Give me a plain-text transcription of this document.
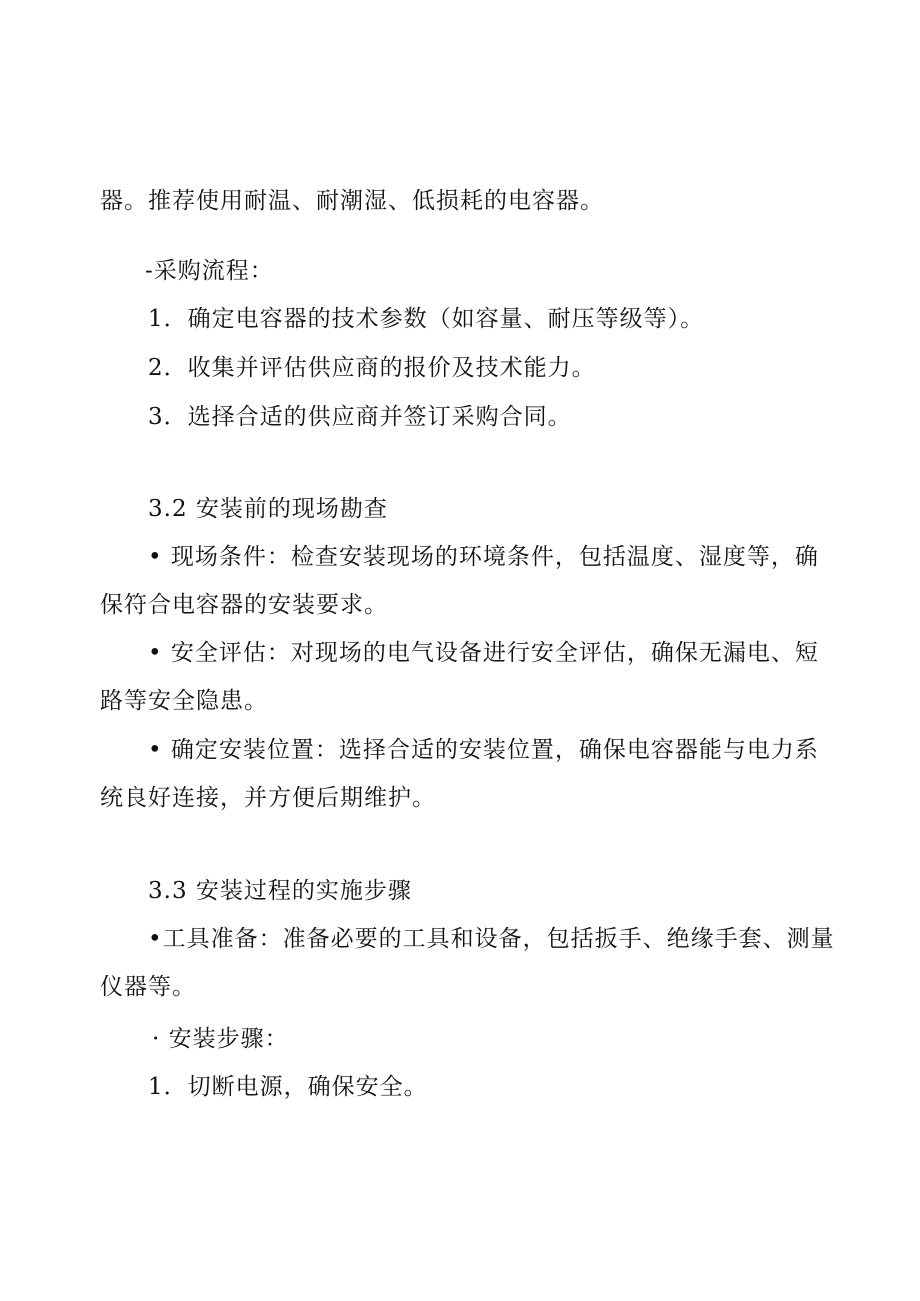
器。推荐使用耐温、耐潮湿、低损耗的电容器。
-采购流程：
1．确定电容器的技术参数（如容量、耐压等级等）。
2．收集并评估供应商的报价及技术能力。
3．选择合适的供应商并签订采购合同。
3.2 安装前的现场勘查
• 现场条件：检查安装现场的环境条件，包括温度、湿度等，确
保符合电容器的安装要求。
• 安全评估：对现场的电气设备进行安全评估，确保无漏电、短
路等安全隐患。
• 确定安装位置：选择合适的安装位置，确保电容器能与电力系
统良好连接，并方便后期维护。
3.3 安装过程的实施步骤
•工具准备：准备必要的工具和设备，包括扳手、绝缘手套、测量
仪器等。
· 安装步骤：
1．切断电源，确保安全。
